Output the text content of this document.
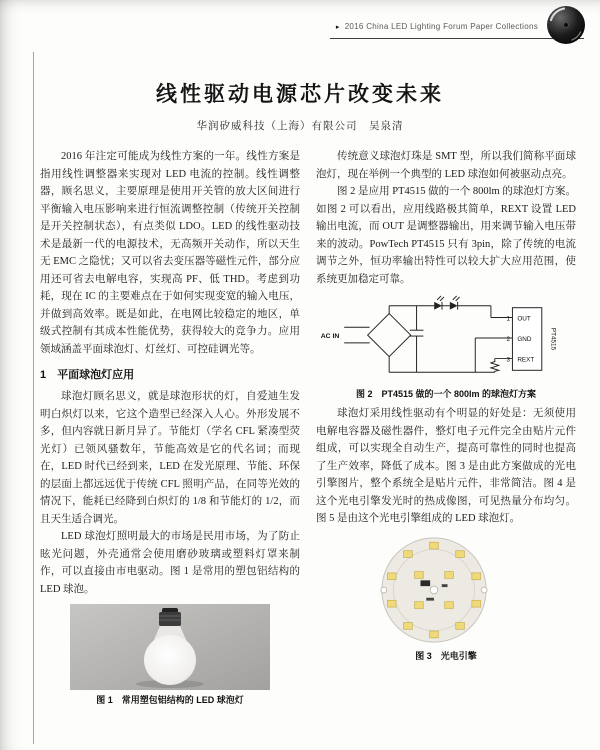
▸ 2016 China LED Lighting Forum Paper Collections
线性驱动电源芯片改变未来
华润矽威科技（上海）有限公司　吴泉清

2016 年注定可能成为线性方案的一年。线性方案是指用线性调整器来实现对 LED 电流的控制。线性调整器，顾名思义，主要原理是使用开关管的放大区间进行平衡输入电压影响来进行恒流调整控制（传统开关控制是开关控制状态），有点类似 LDO。LED 的线性驱动技术是最新一代的电源技术，无高频开关动作，所以天生无 EMC 之隐忧；又可以省去变压器等磁性元件，部分应用还可省去电解电容，实现高 PF、低 THD。考虑到功耗，现在 IC 的主要难点在于如何实现变宽的输入电压，并做到高效率。既是如此，在电网比较稳定的地区，单级式控制有其成本性能优势，获得较大的竞争力。应用领域涵盖平面球泡灯、灯丝灯、可控硅调光等。

1　平面球泡灯应用

球泡灯顾名思义，就是球泡形状的灯，自爱迪生发明白炽灯以来，它这个造型已经深入人心。外形发展不多，但内容就日新月异了。节能灯（学名 CFL 紧凑型荧光灯）已领风骚数年，节能高效是它的代名词；而现在，LED 时代已经到来，LED 在发光原理、节能、环保的层面上都远远优于传统 CFL 照明产品，在同等光效的情况下，能耗已经降到白炽灯的 1/8 和节能灯的 1/2，而且天生适合调光。

LED 球泡灯照明最大的市场是民用市场，为了防止眩光问题，外壳通常会使用磨砂玻璃或塑料灯罩来制作，可以直接由市电驱动。图 1 是常用的塑包铝结构的 LED 球泡。

图 1　常用塑包铝结构的 LED 球泡灯

传统意义球泡灯珠是 SMT 型，所以我们简称平面球泡灯，现在举例一个典型的 LED 球泡如何被驱动点亮。

图 2 是应用 PT4515 做的一个 800lm 的球泡灯方案。如图 2 可以看出，应用线路极其简单，REXT 设置 LED 输出电流，而 OUT 是调整器输出，用来调节输入电压带来的波动。PowTech PT4515 只有 3pin，除了传统的电流调节之外，恒功率输出特性可以较大扩大应用范围，使系统更加稳定可靠。

AC IN
1
2
3
OUT
GND
REXT
PT4515
图 2　PT4515 做的一个 800lm 的球泡灯方案

球泡灯采用线性驱动有个明显的好处是：无须使用电解电容器及磁性器件，整灯电子元件完全由贴片元件组成，可以实现全自动生产，提高可靠性的同时也提高了生产效率，降低了成本。图 3 是由此方案做成的光电引擎图片，整个系统全是贴片元件，非常简洁。图 4 是这个光电引擎发光时的热成像图，可见热量分布均匀。图 5 是由这个光电引擎组成的 LED 球泡灯。

图 3　光电引擎
